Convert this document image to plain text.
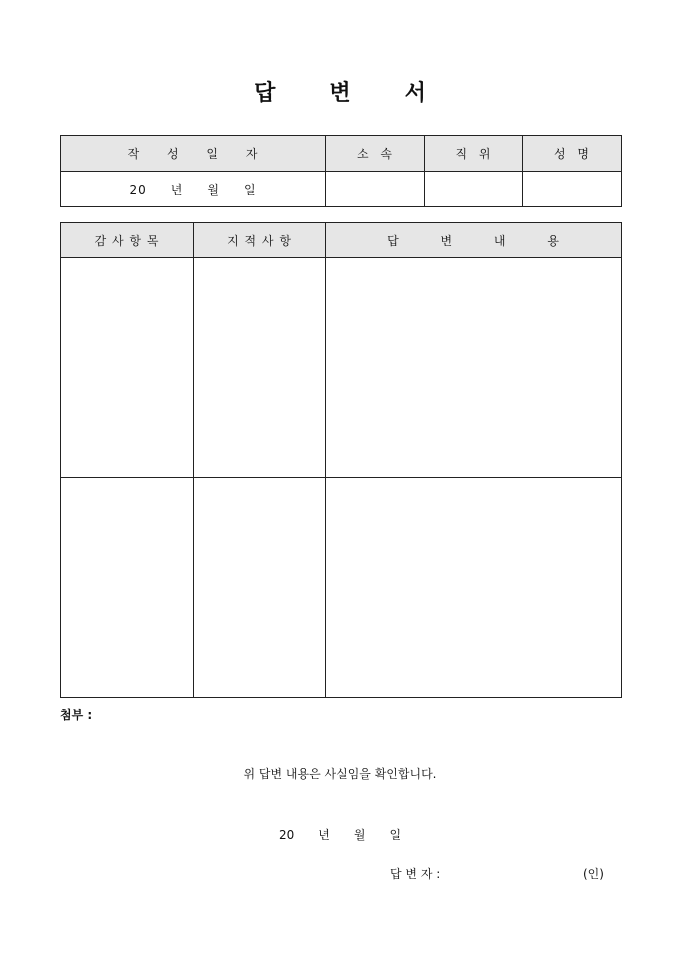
답 변 서
작 성 일 자	소 속	직 위	성 명
20 년 월 일			
감 사 항 목	지 적 사 항	답 변 내 용

첨부 :
위 답변 내용은 사실임을 확인합니다.
20 년 월 일
답 변 자 :	(인)
